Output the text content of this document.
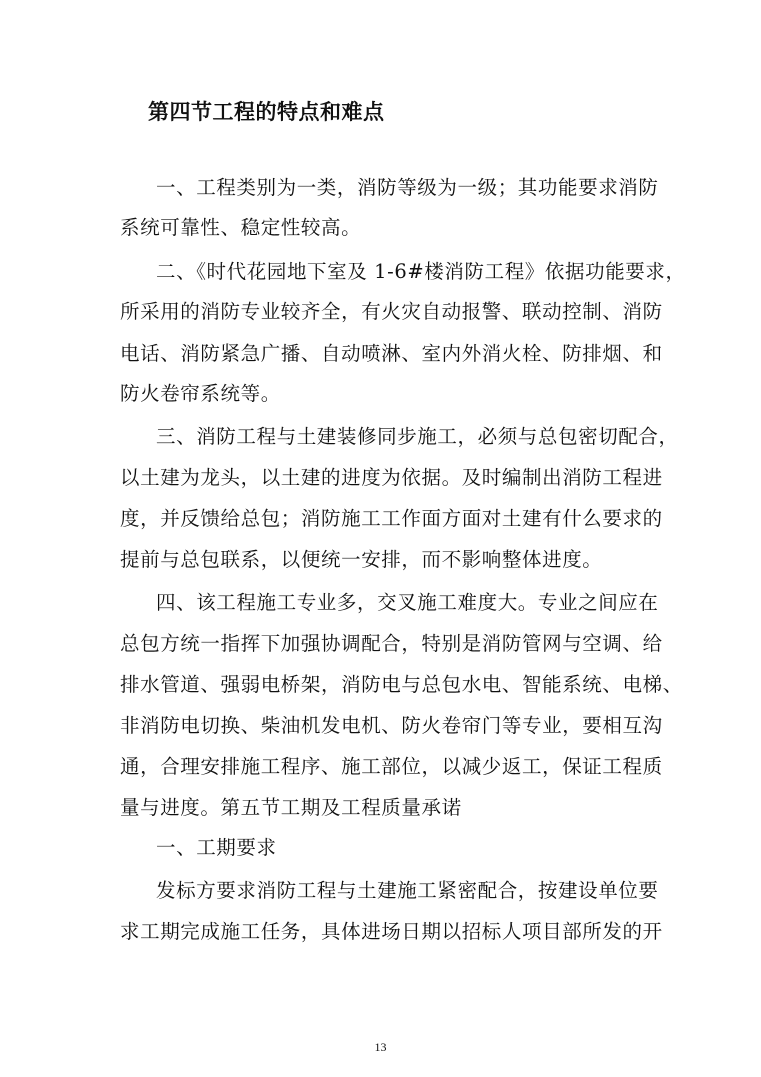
第四节工程的特点和难点
一、工程类别为一类，消防等级为一级；其功能要求消防
系统可靠性、稳定性较高。
二、《时代花园地下室及 1-6#楼消防工程》依据功能要求，
所采用的消防专业较齐全，有火灾自动报警、联动控制、消防
电话、消防紧急广播、自动喷淋、室内外消火栓、防排烟、和
防火卷帘系统等。
三、消防工程与土建装修同步施工，必须与总包密切配合，
以土建为龙头，以土建的进度为依据。及时编制出消防工程进
度，并反馈给总包；消防施工工作面方面对土建有什么要求的
提前与总包联系，以便统一安排，而不影响整体进度。
四、该工程施工专业多，交叉施工难度大。专业之间应在
总包方统一指挥下加强协调配合，特别是消防管网与空调、给
排水管道、强弱电桥架，消防电与总包水电、智能系统、电梯、
非消防电切换、柴油机发电机、防火卷帘门等专业，要相互沟
通，合理安排施工程序、施工部位，以减少返工，保证工程质
量与进度。第五节工期及工程质量承诺
一、工期要求
发标方要求消防工程与土建施工紧密配合，按建设单位要
求工期完成施工任务，具体进场日期以招标人项目部所发的开
13
